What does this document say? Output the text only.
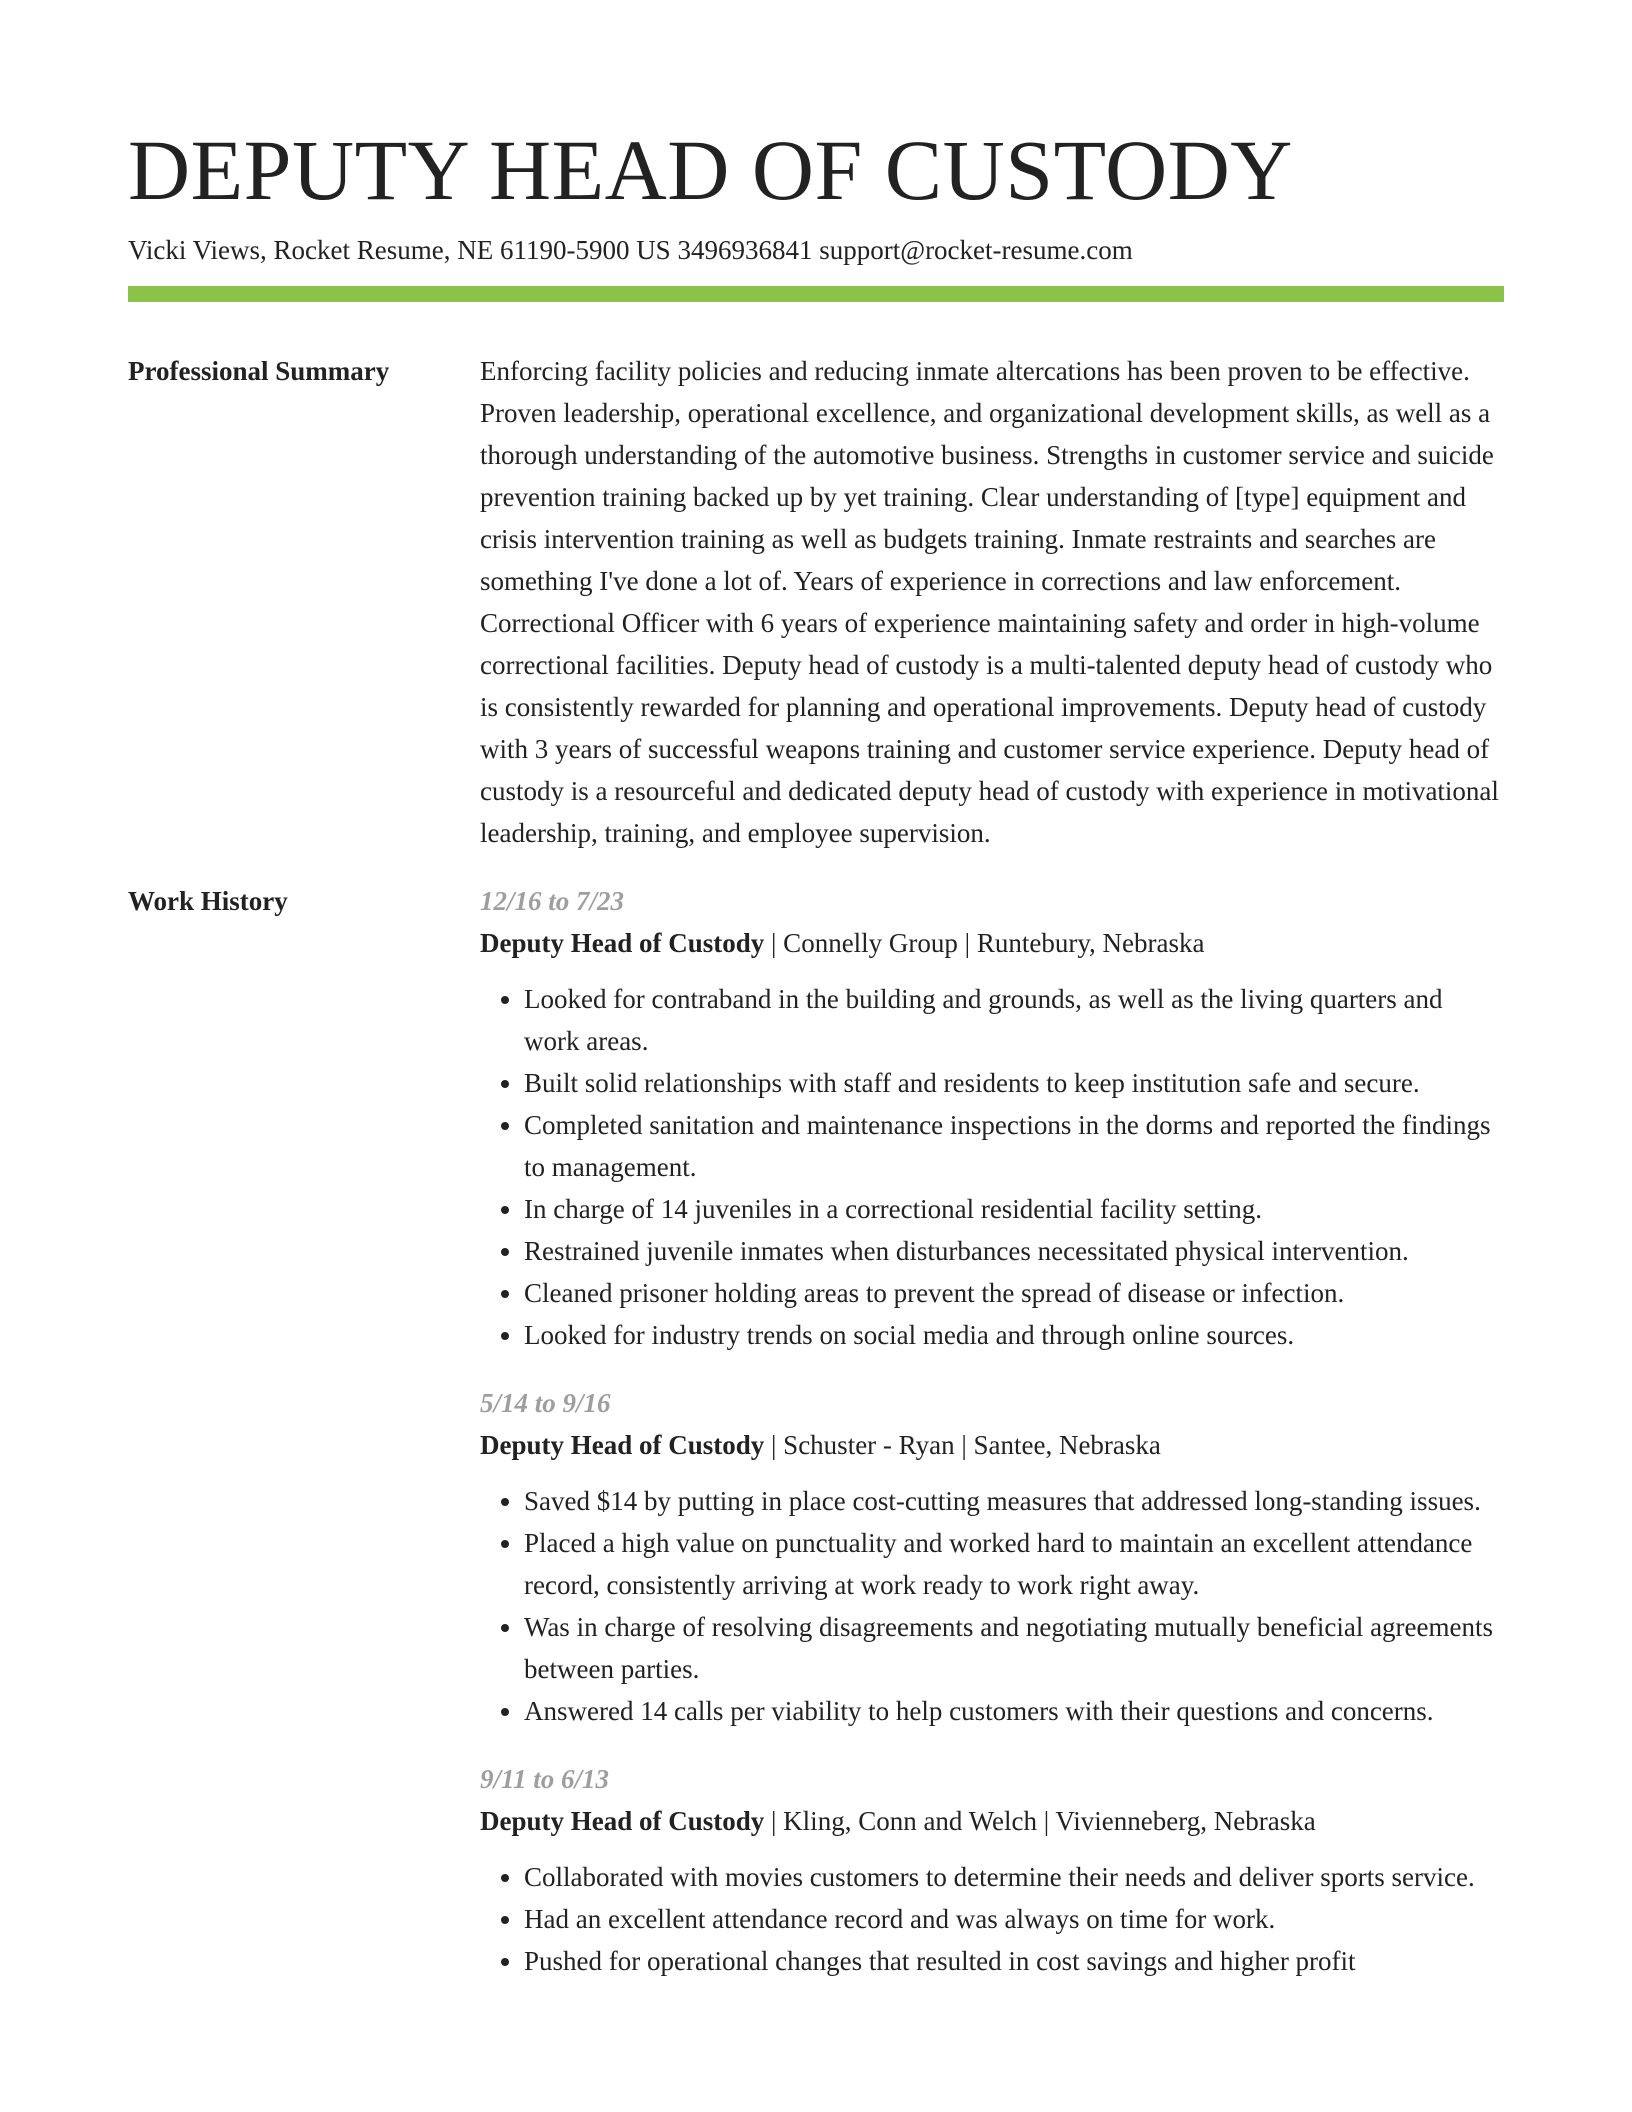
DEPUTY HEAD OF CUSTODY
Vicki Views, Rocket Resume, NE 61190-5900 US 3496936841 support@rocket-resume.com
Professional Summary	Enforcing facility policies and reducing inmate altercations has been proven to be effective. Proven leadership, operational excellence, and organizational development skills, as well as a thorough understanding of the automotive business. Strengths in customer service and suicide prevention training backed up by yet training. Clear understanding of [type] equipment and crisis intervention training as well as budgets training. Inmate restraints and searches are something I've done a lot of. Years of experience in corrections and law enforcement. Correctional Officer with 6 years of experience maintaining safety and order in high-volume correctional facilities. Deputy head of custody is a multi-talented deputy head of custody who is consistently rewarded for planning and operational improvements. Deputy head of custody with 3 years of successful weapons training and customer service experience. Deputy head of custody is a resourceful and dedicated deputy head of custody with experience in motivational leadership, training, and employee supervision.

Work History	12/16 to 7/23
Deputy Head of Custody | Connelly Group | Runtebury, Nebraska
• Looked for contraband in the building and grounds, as well as the living quarters and work areas.
• Built solid relationships with staff and residents to keep institution safe and secure.
• Completed sanitation and maintenance inspections in the dorms and reported the findings to management.
• In charge of 14 juveniles in a correctional residential facility setting.
• Restrained juvenile inmates when disturbances necessitated physical intervention.
• Cleaned prisoner holding areas to prevent the spread of disease or infection.
• Looked for industry trends on social media and through online sources.
5/14 to 9/16
Deputy Head of Custody | Schuster - Ryan | Santee, Nebraska
• Saved $14 by putting in place cost-cutting measures that addressed long-standing issues.
• Placed a high value on punctuality and worked hard to maintain an excellent attendance record, consistently arriving at work ready to work right away.
• Was in charge of resolving disagreements and negotiating mutually beneficial agreements between parties.
• Answered 14 calls per viability to help customers with their questions and concerns.
9/11 to 6/13
Deputy Head of Custody | Kling, Conn and Welch | Vivienneberg, Nebraska
• Collaborated with movies customers to determine their needs and deliver sports service.
• Had an excellent attendance record and was always on time for work.
• Pushed for operational changes that resulted in cost savings and higher profit
